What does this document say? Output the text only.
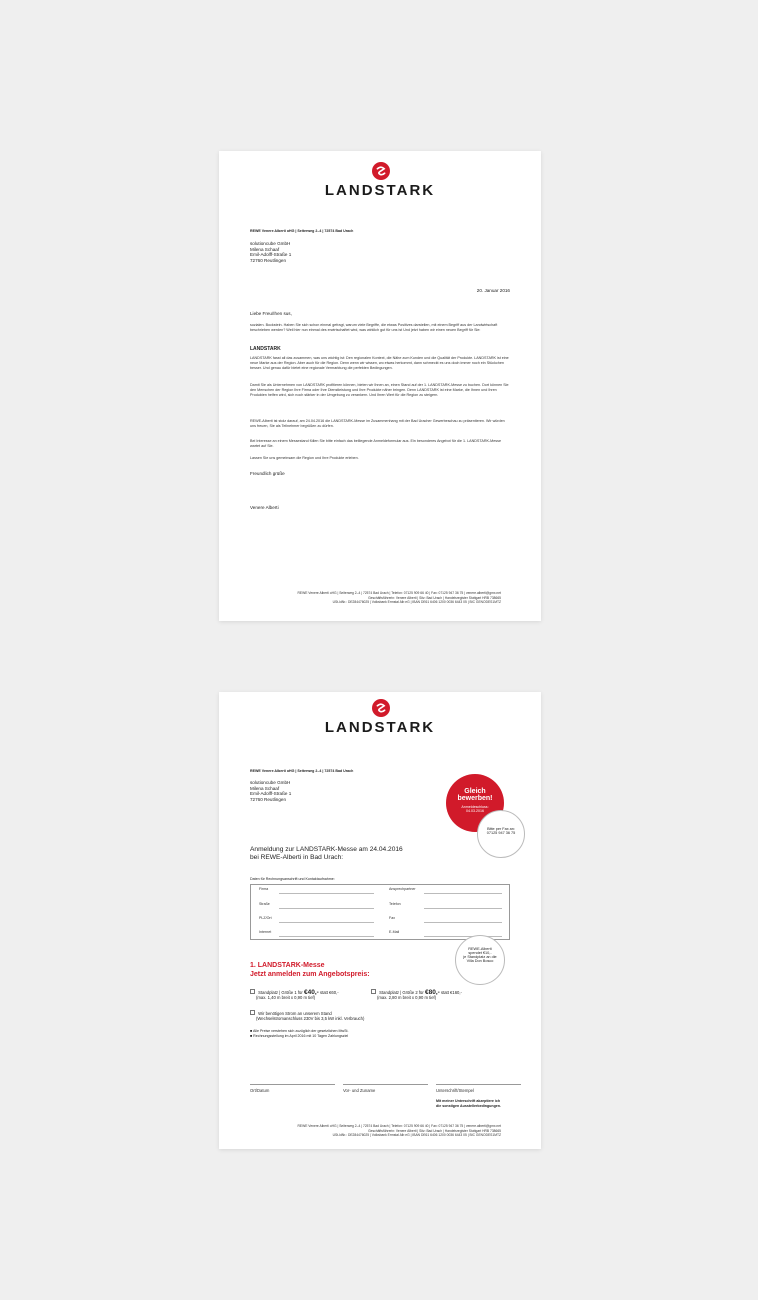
LANDSTARK
REWE Venere Alberti oHG | Seiterweg 2–4 | 72574 Bad Urach
solutioncube GmbH
Milena Schaaf
Emil-Adolff-Straße 1
72760 Reutlingen
20. Januar 2016
Liebe Freu/Ihen sus,
sozialen. Bockstein. Haben Sie sich schon einmal gefragt, warum viele Begriffe, die etwas Positives darstellen, mit einem Begriff aus der Landwirtschaft beschrieben werden? Weil hier nun einmal des erwirtschaftet wird, was wirklich gut für uns ist Und jetzt haben wir einen neuen Begriff für Sie:
LANDSTARK
LANDSTARK fasst all das zusammen, was uns wichtig ist: Den regionalen Kontext, die Nähe zum Kunden und die Qualität der Produkte. LANDSTARK ist eine neue Marke aus der Region. Aber auch für die Region. Denn wenn wir wissen, wo etwas herkommt, dann schmeckt es uns doch immer noch ein Stückchen besser. Und genau dafür bietet eine regionale Vermarktung die perfekten Bedingungen.
Damit Sie als Unternehmen von LANDSTARK profitieren können, bieten wir Ihnen an, einen Stand auf der 1. LANDSTARK-Messe zu buchen. Dort können Sie den Menschen der Region Ihre Firma oder Ihre Dienstleistung und Ihre Produkte näher bringen. Denn LANDSTARK ist eine Marke, die Ihnen und Ihren Produkten helfen wird, sich noch stärker in der Umgebung zu verankern. Und Ihren Wert für die Region zu steigern.
REWE-Alberti ist stolz darauf, am 24.04.2016 die LANDSTARK-Messe im Zusammenhang mit der Bad Uracher Gewerbeschau zu präsentieren. Wir würden uns freuen, Sie als Teilnehmer begrüßen zu dürfen.
Bei Interesse an einem Messestand füllen Sie bitte einfach das beiliegende Anmeldeformular aus. Ein besonderes Angebot für die 1. LANDSTARK-Messe wartet auf Sie.
Lassen Sie uns gemeinsam die Region und Ihre Produkte erleben.
Freundlich grüße
Venere Alberti
REWE Venere Alberti oHG | Seiterweg 2–4 | 72574 Bad Urach | Telefon: 07125 909 66 40 | Fax: 07125 947 36 75 | venere.alberti@gmx.net
Geschäftsführerin: Venere Alberti | Sitz: Bad Urach | Handelsregister Stuttgart HRB 738665
USt-IdNr.: DE284476025 | Volksbank Ermstal Alb eG | IBAN DE61 6406 1200 0036 6443 05 | BIC GENODES1MTZ
LANDSTARK
REWE Venere Alberti oHG | Seiterweg 2–4 | 72574 Bad Urach
solutioncube GmbH
Milena Schaaf
Emil-Adolff-Straße 1
72760 Reutlingen
Gleich
bewerben!
Anmeldeschluss:
04.03.2016
Bitte per Fax an:
07125 947 36 75
Anmeldung zur LANDSTARK-Messe am 24.04.2016
bei REWE-Alberti in Bad Urach:
Daten für Rechnungsanschrift und Kontaktaufnahme:
Firma	Ansprechpartner
Straße	Telefon
PLZ/Ort	Fax
Internet	E-Mail
REWE-Alberti
spendet €10,-
je Standplatz an die
Villa Don Bosco
1. LANDSTARK-Messe
Jetzt anmelden zum Angebotspreis:
Standplatz | Größe 1 für €40,- statt €60,-
(max. 1,40 m breit x 0,90 m tief)
Standplatz | Größe 2 für €80,- statt €160,-
(max. 2,80 m breit x 0,90 m tief)
Wir benötigen Strom an unserem Stand
(Wechselstromanschluss 230V bis 3,5 kW inkl. Verbrauch)
■ Alle Preise verstehen sich zuzüglich der gesetzlichen MwSt.
■ Rechnungsstellung im April 2016 mit 10 Tagen Zahlungsziel
Ort/Datum	Vor- und Zuname	Unterschrift/Stempel
Mit meiner Unterschrift akzeptiere ich
die sonstigen Ausstellerbedingungen.
REWE Venere Alberti oHG | Seiterweg 2–4 | 72574 Bad Urach | Telefon: 07125 909 66 40 | Fax: 07125 947 36 75 | venere.alberti@gmx.net
Geschäftsführerin: Venere Alberti | Sitz: Bad Urach | Handelsregister Stuttgart HRB 738665
USt-IdNr.: DE284476025 | Volksbank Ermstal Alb eG | IBAN DE61 6406 1200 0036 6443 05 | BIC GENODES1MTZ
